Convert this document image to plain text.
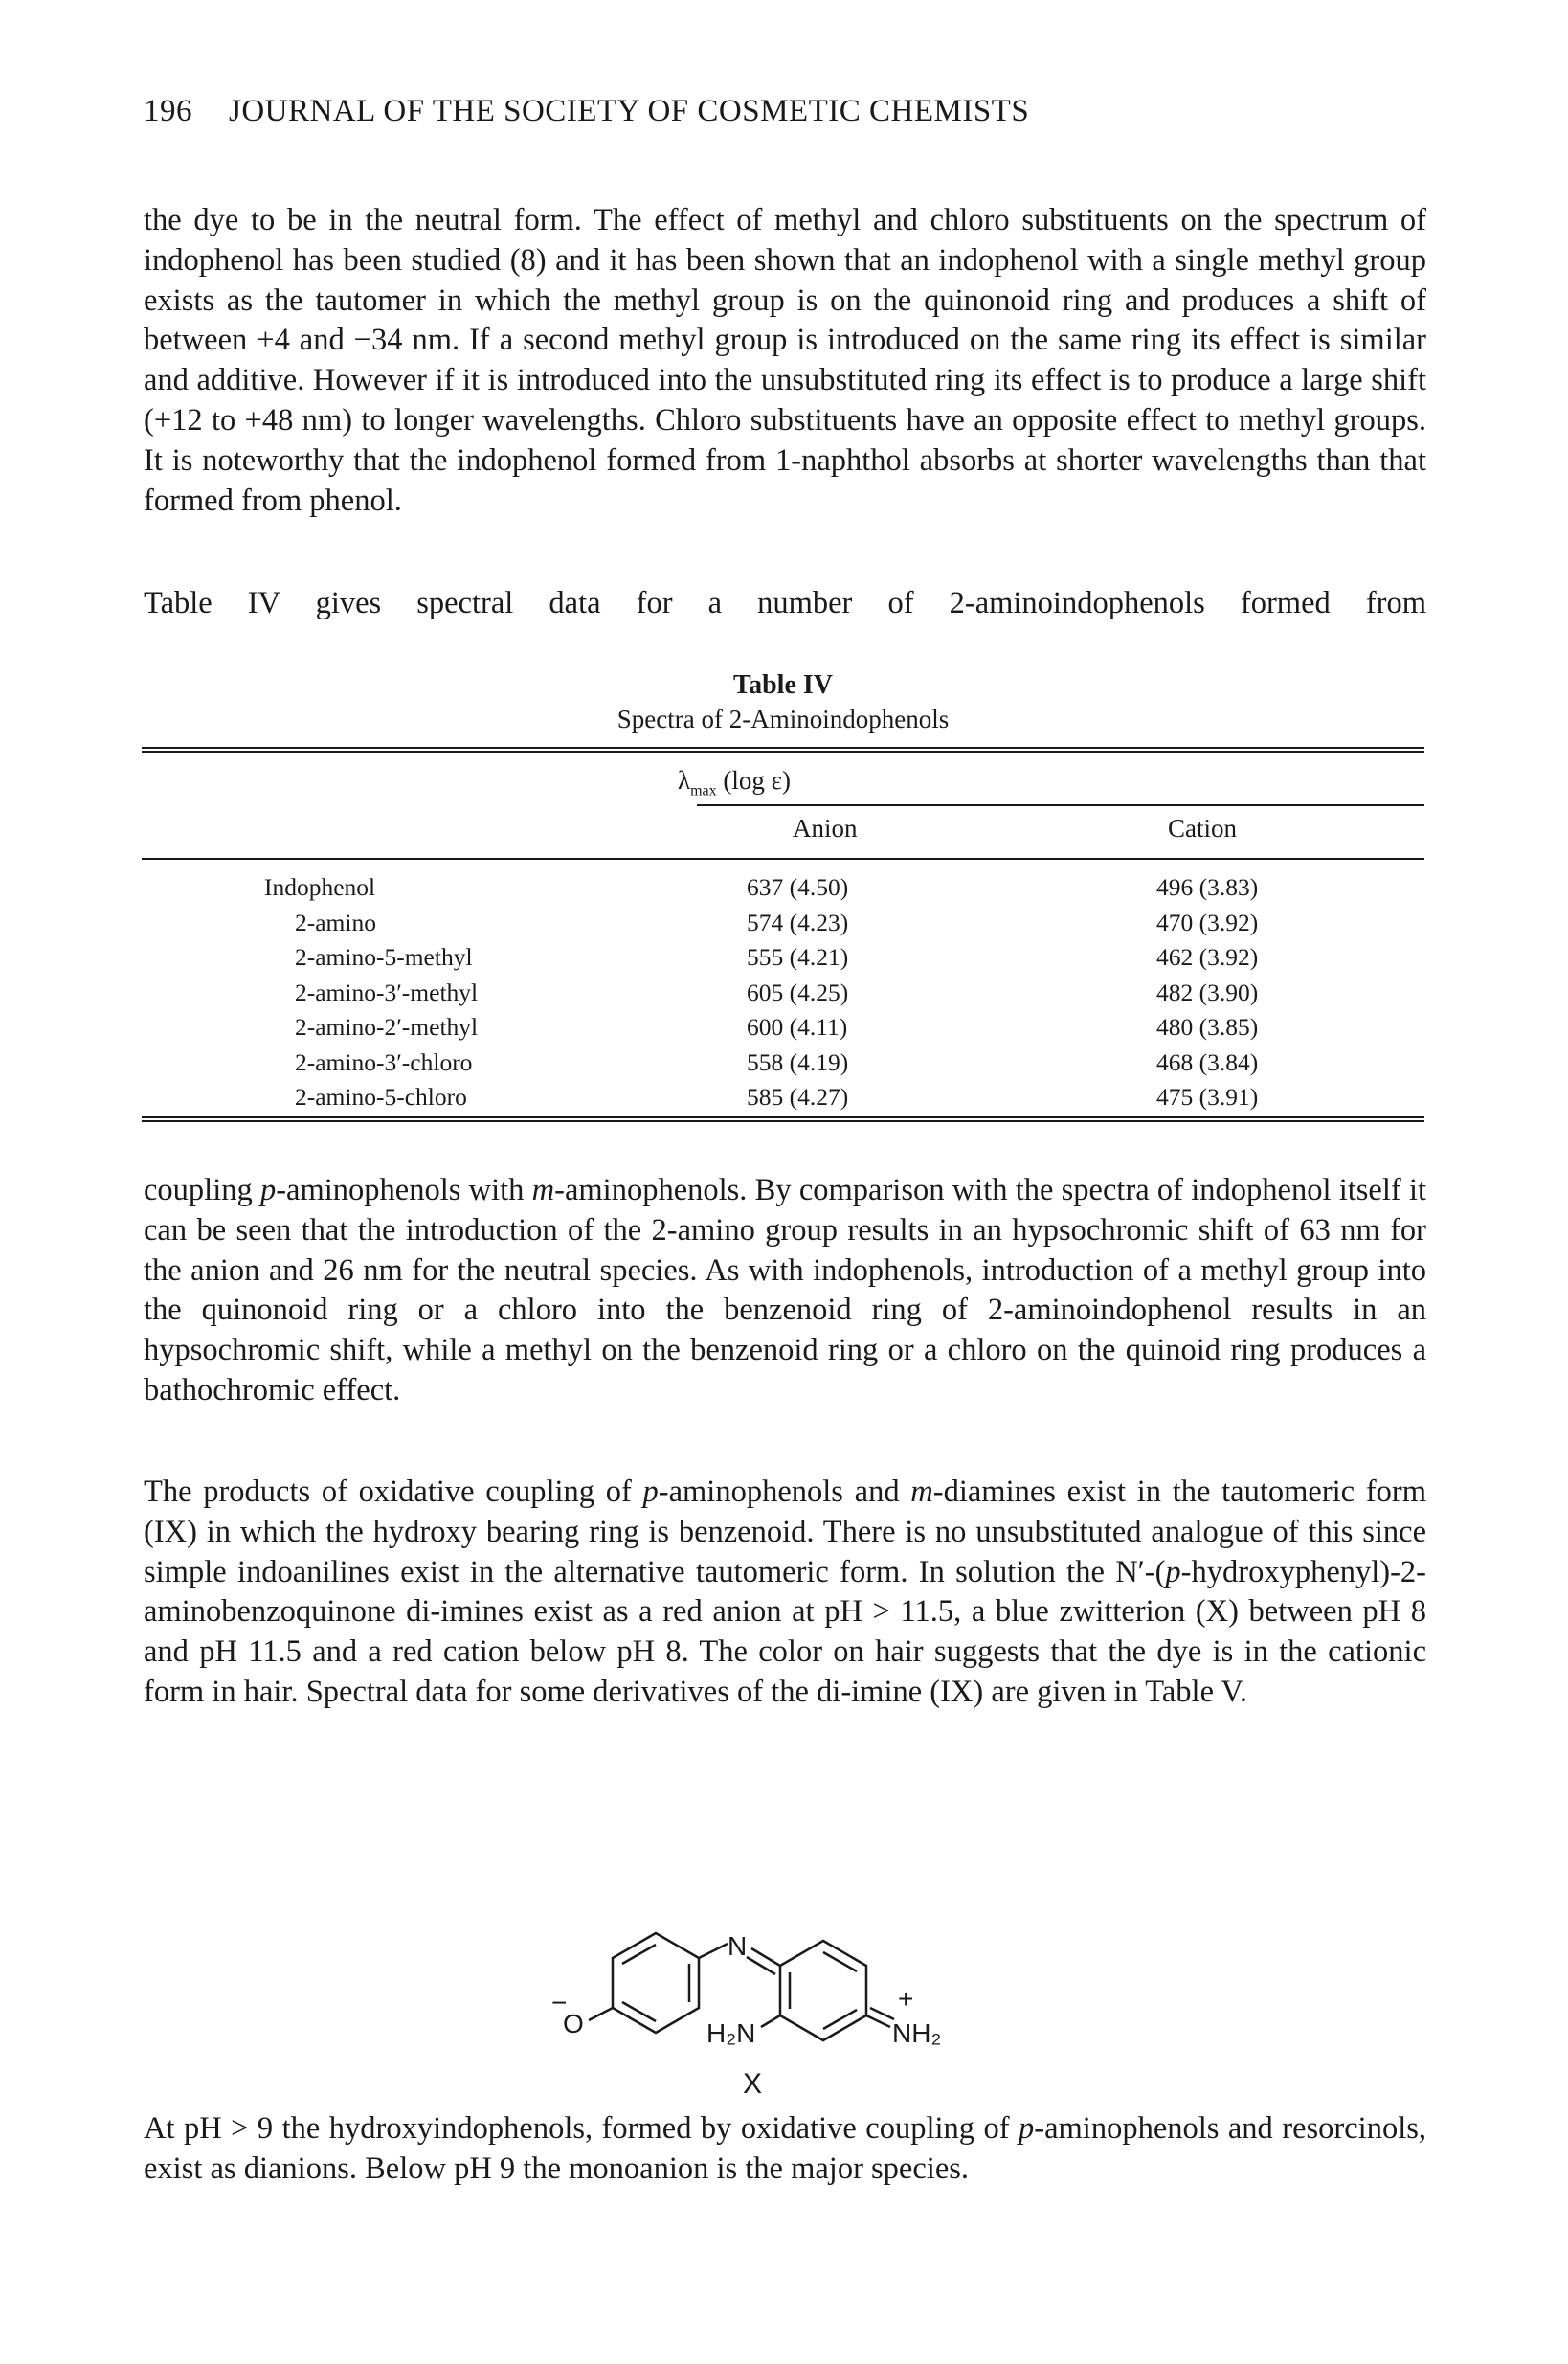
196 JOURNAL OF THE SOCIETY OF COSMETIC CHEMISTS

the dye to be in the neutral form. The effect of methyl and chloro substituents on the spectrum of indophenol has been studied (8) and it has been shown that an indophenol with a single methyl group exists as the tautomer in which the methyl group is on the quinonoid ring and produces a shift of between +4 and −34 nm. If a second methyl group is introduced on the same ring its effect is similar and additive. However if it is introduced into the unsubstituted ring its effect is to produce a large shift (+12 to +48 nm) to longer wavelengths. Chloro substituents have an opposite effect to methyl groups. It is noteworthy that the indophenol formed from 1-naphthol absorbs at shorter wavelengths than that formed from phenol.

Table IV gives spectral data for a number of 2-aminoindophenols formed from

Table IV
Spectra of 2-Aminoindophenols
$\lambda_{max}$ (log ε)
Anion	Cation
Indophenol	637 (4.50)	496 (3.83)
2-amino	574 (4.23)	470 (3.92)
2-amino-5-methyl	555 (4.21)	462 (3.92)
2-amino-3′-methyl	605 (4.25)	482 (3.90)
2-amino-2′-methyl	600 (4.11)	480 (3.85)
2-amino-3′-chloro	558 (4.19)	468 (3.84)
2-amino-5-chloro	585 (4.27)	475 (3.91)

coupling p-aminophenols with m-aminophenols. By comparison with the spectra of indophenol itself it can be seen that the introduction of the 2-amino group results in an hypsochromic shift of 63 nm for the anion and 26 nm for the neutral species. As with indophenols, introduction of a methyl group into the quinonoid ring or a chloro into the benzenoid ring of 2-aminoindophenol results in an hypsochromic shift, while a methyl on the benzenoid ring or a chloro on the quinoid ring produces a bathochromic effect.

The products of oxidative coupling of p-aminophenols and m-diamines exist in the tautomeric form (IX) in which the hydroxy bearing ring is benzenoid. There is no unsubstituted analogue of this since simple indoanilines exist in the alternative tautomeric form. In solution the N′-(p-hydroxyphenyl)-2-aminobenzoquinone di-imines exist as a red anion at pH > 11.5, a blue zwitterion (X) between pH 8 and pH 11.5 and a red cation below pH 8. The color on hair suggests that the dye is in the cationic form in hair. Spectral data for some derivatives of the di-imine (IX) are given in Table V.

O
−
N
H₂N	NH₂
+
X

At pH > 9 the hydroxyindophenols, formed by oxidative coupling of p-aminophenols and resorcinols, exist as dianions. Below pH 9 the monoanion is the major species.
